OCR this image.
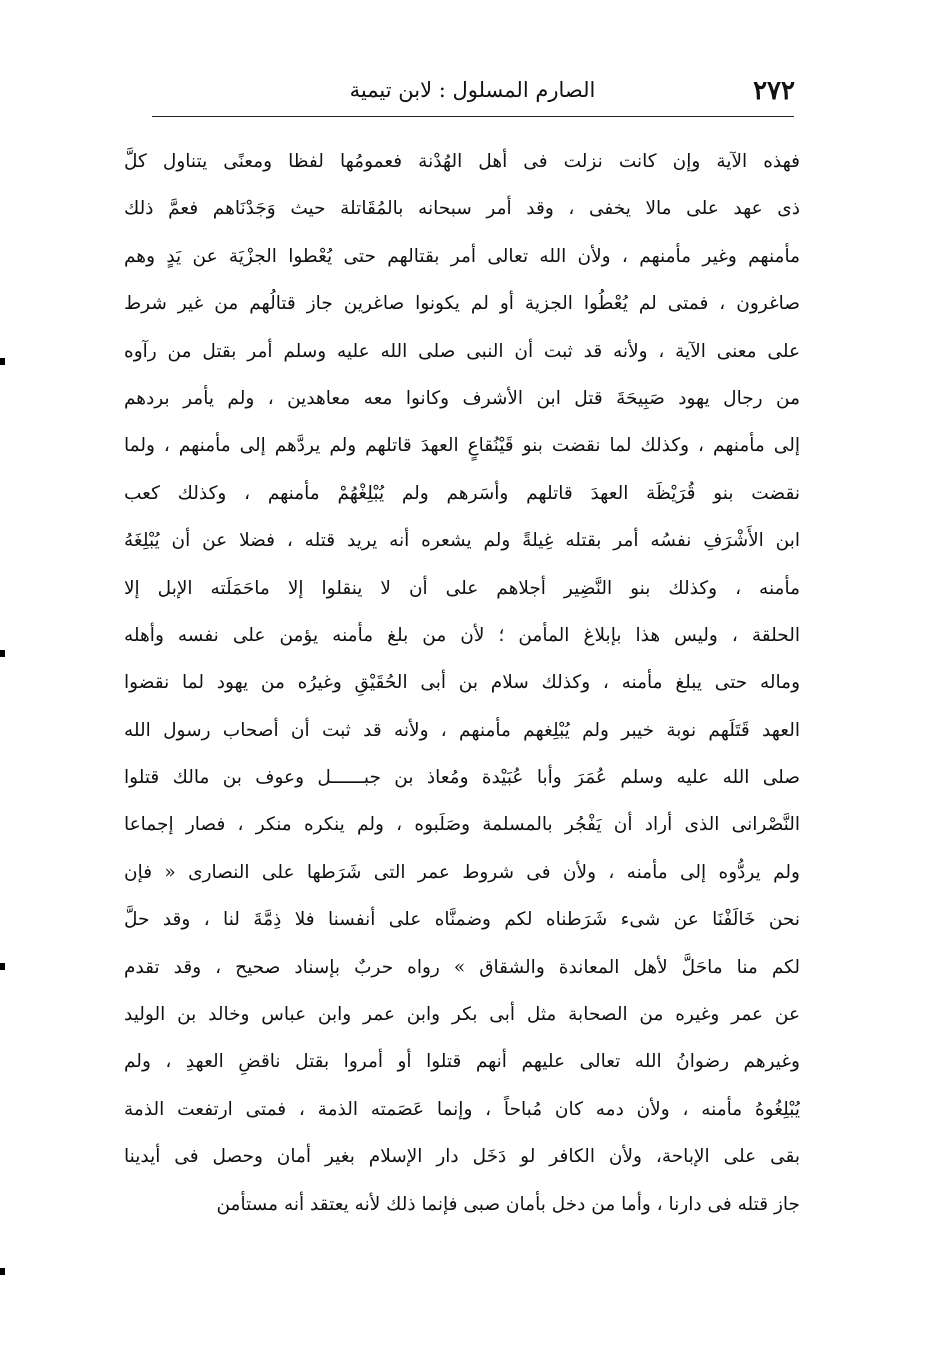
٢٧٢
الصارم المسلول : لابن تيمية
فهذه الآية وإن كانت نزلت فى أهل الهُدْنة فعمومُها لفظا ومعنًى يتناول كلَّ
ذى عهد على مالا يخفى ، وقد أمر سبحانه بالمُقَاتلة حيث وَجَدْنَاهم فعمَّ ذلك
مأمنهم وغير مأمنهم ، ولأن الله تعالى أمر بقتالهم حتى يُعْطوا الجزْيَة عن يَدٍ وهم
صاغرون ، فمتى لم يُعْطُوا الجزية أو لم يكونوا صاغرين جاز قتالُهم من غير شرط
على معنى الآية ، ولأنه قد ثبت أن النبى صلى الله عليه وسلم أمر بقتل من رآوه
من رجال يهود صَبِيحَةَ قتل ابن الأشرف وكانوا معه معاهدين ، ولم يأمر بردهم
إلى مأمنهم ، وكذلك لما نقضت بنو قَيْنُقاعٍ العهدَ قاتلهم ولم يردَّهم إلى مأمنهم ، ولما
نقضت بنو قُرَيْظَة العهدَ قاتلهم وأسَرهم ولم يُبْلِغْهُمْ مأمنهم ، وكذلك كعب
ابن الأَشْرَفِ نفسُه أمر بقتله غِيلةً ولم يشعره أنه يريد قتله ، فضلا عن أن يُبْلِغَهُ
مأمنه ، وكذلك بنو النَّضِير أجلاهم على أن لا ينقلوا إلا ماحَمَلَته الإبل إلا
الحلقة ، وليس هذا بإبلاغ المأمن ؛ لأن من بلغ مأمنه يؤمن على نفسه وأهله
وماله حتى يبلغ مأمنه ، وكذلك سلام بن أبى الحُقَيْقِ وغيرُه من يهود لما نقضوا
العهد قَتَلَهم نوبة خيبر ولم يُبْلِغهم مأمنهم ، ولأنه قد ثبت أن أصحاب رسول الله
صلى الله عليه وسلم عُمَرَ وأبا عُبَيْدة ومُعاذ بن جبــــــل وعوف بن مالك قتلوا
النَّصْرانى الذى أراد أن يَفْجُر بالمسلمة وصَلَبوه ، ولم ينكره منكر ، فصار إجماعا
ولم يردُّوه إلى مأمنه ، ولأن فى شروط عمر التى شَرَطها على النصارى « فإن
نحن خَالَفْنَا عن شىء شَرَطناه لكم وضمنَّاه على أنفسنا فلا ذِمَّةَ لنا ، وقد حلَّ
لكم منا ماحَلَّ لأهل المعاندة والشقاق » رواه حربٌ بإسناد صحيح ، وقد تقدم
عن عمر وغيره من الصحابة مثل أبى بكر وابن عمر وابن عباس وخالد بن الوليد
وغيرهم رضوانُ الله تعالى عليهم أنهم قتلوا أو أمروا بقتل ناقضِ العهدِ ، ولم
يُبْلِغُوهُ مأمنه ، ولأن دمه كان مُباحاً ، وإنما عَصَمته الذمة ، فمتى ارتفعت الذمة
بقى على الإباحة، ولأن الكافر لو دَخَل دار الإسلام بغير أمان وحصل فى أيدينا
جاز قتله فى دارنا ، وأما من دخل بأمان صبى فإنما ذلك لأنه يعتقد أنه مستأمن
